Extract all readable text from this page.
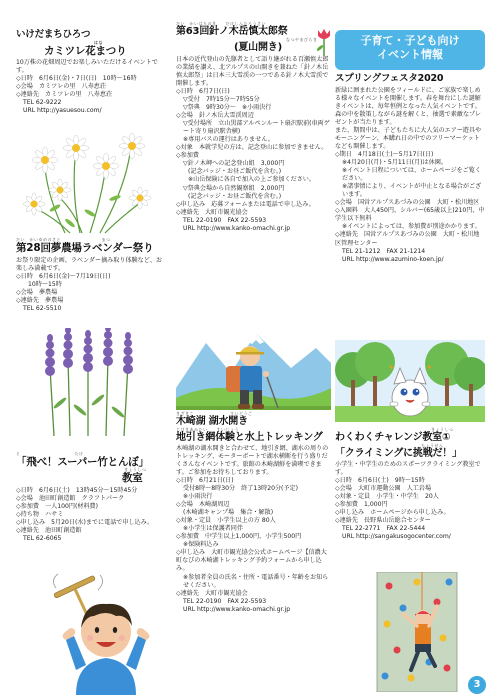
いけだまちひろつ
はな
カミツレ花まつり

10万株の花畑周辺でお楽しみいただけるイベントです。

◇日時　6月6日(金)・7日(日)　10時～16時

◇会場　カミツレの里　八寿恵荘

◇連絡先　カミツレの里　八寿恵荘

TEL 62-9222

URL http://yasuesou.com/

だい　かいゆめのさと　　　　　　　　　まつ
第28回夢農場ラベンダー祭り

お祭り限定の企画、ラベンダー摘み取り体験など、お楽しみ満載です。

◇日時　6月6日(金)～7月19日(日)

10時～15時

◇会場　夢農場

◇連絡先　夢農場

TEL 62-5510

と　　　　　　　　　　　　たけ
「飛べ！スーパー竹とんぼ」
きょうしつ
教室

◇日時　6月6日(土)　13時45分～15時45分

◇会場　池田町創造館　クラフトパーク

◇参加費　一人100円(材料費)

◇持ち物　ハサミ

◇申し込み　5月20日(水)までに電話で申し込み。

◇連絡先　池田町創造館

TEL 62-6065

だい　かいはりのき　　だけしんたろうさい
第63回針ノ木岳慎太郎祭
なつやまびらき
(夏山開き)

日本の近代登山の先駆者として語り継がれる百瀬慎太郎の業績を讃え、北アルプスの山開きを兼ねた「針ノ木岳慎太郎祭」は日本三大雪渓の一つである針ノ木大雪渓で開催します。

◇日時　6月7日(日)

▽受付　7時15分～7時55分

▽祭典　9時30分～　※小雨決行

◇会場　針ノ木岳大雪渓周辺

▽受付場所　立山黒部アルペンルート扇沢駅前(車両ゲート寄り扇沢駅舎横)

※専用バスの運行はありません。

◇対象　本就学児の方は、記念登山に参加できません。

◇参加費

▽針ノ木岬への記念登山組　3,000円

(記念バッジ・お昼ご飯代を含む。)

※山岳保険に各自で加入の上ご参加ください。

▽祭典会場から自然観察組　2,000円

(記念バッジ・お昼ご飯代を含む。)

◇申し込み　応募フォームまたは電話で申し込み。

◇連絡先　大町市観光協会

TEL 22-0190　FAX 22-5593

URL http://www.kanko-omachi.gr.jp

きざきこ　　　　　　　　すいどうご
木崎湖 湖水開き
じびきあみたい　　すいじょう
地引き網体験と水上トレッキング

木崎湖の湖水開きと合わせて、地引き網、湖水の周りのトレッキング、モーターボートで湖水横断を行う盛りだくさんなイベントです。旅館の木崎湖鮮を満喫できます。ご参加をお待ちしております。

◇日時　6月21日(日)

受付8時～8時30分　終了13時20分(予定)

※小雨決行

◇会場　木崎湖周辺

(木崎湖キャンプ場　集合・解散)

◇対象・定員　小学生以上の方 80人

※小学生は保護者同伴

◇参加費　中学生以上1,000円、小学生500円

※保険料込み

◇申し込み　大町市観光協会公式ホームページ【信濃大町なびの木崎湖トレッキング予約フォームから申し込み。

※参加者全員の氏名・住所・電話番号・年齢をお知らせください。

◇連絡先　大町市観光協会

TEL 22-0190　FAX 22-5593

URL http://www.kanko-omachi.gr.jp

子育て・子ども向け
イベント情報
スプリングフェスタ2020

新緑に囲まれた公園をフィールドに、ご家族で楽しめる様々なイベントを開催します。春を舞台にした謎解きイベントは、毎年恒例となった人気イベントです。森の中を散策しながら謎を解くと、抽選で素敵なプレゼントが当たります。

また、期間中は、子どもたちに大人気のエアー遊具やモーニングーン、本購れ日の中でのフリーマーケットなども開催します。

◇期日　4月18日(土)～5月17日(日)

※4月20日(月)・5月11日(月)は休園。

※イベント日程については、ホームページをご覧ください。

※諸事情により、イベントが中止となる場合がございます。

◇会場　国営アルプスあづみの公園　大町・松川地区

◇入園料　大人450円、シルバー(65歳以上)210円、中学生以下無料

※イベントによっては、参加費が別途かかります。

◇連絡先　国営アルプスあづみの公園　大町・松川地区管理センター

TEL 21-1212　FAX 21-1214

URL http://www.azumino-koen.jp/

✦	✦
きょうしつ
わくわくチャレンジ教室①
ちょうせん
「クライミングに挑戦だ！」

小学生・中学生のためのスポーツクライミング教室です。

◇日時　6月6日(土)　9時～15時

◇会場　大町市運動公園　人工岩場

◇対象・定員　小学生・中学生　20人

◇参加費　1,000円

◇申し込み　ホームページから申し込み。

◇連絡先　長野県山岳総合センター

TEL 22-2771　FAX 22-5444

URL http://sangakusogocenter.com/

3
